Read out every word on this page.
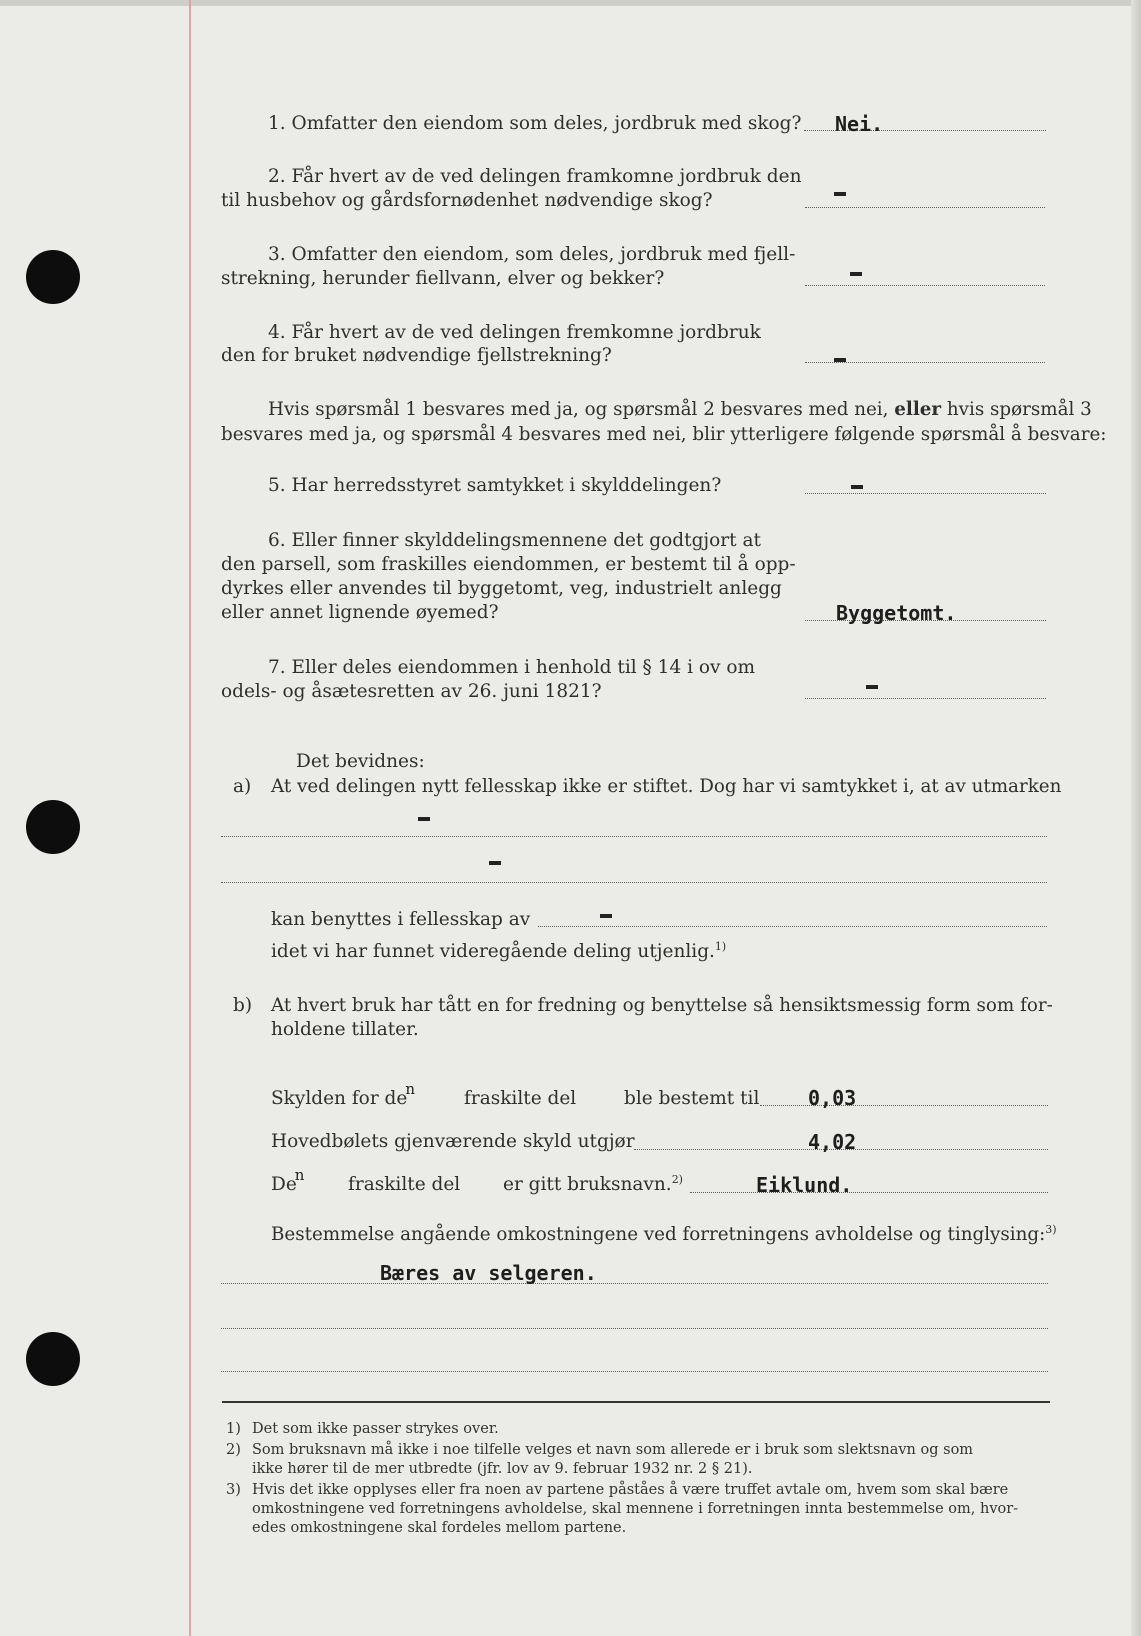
1. Omfatter den eiendom som deles, jordbruk med skog? Nei.
2. Får hvert av de ved delingen framkomne jordbruk den
til husbehov og gårdsfornødenhet nødvendige skog?
3. Omfatter den eiendom, som deles, jordbruk med fjell-
strekning, herunder fiellvann, elver og bekker?
4. Får hvert av de ved delingen fremkomne jordbruk
den for bruket nødvendige fjellstrekning?
Hvis spørsmål 1 besvares med ja, og spørsmål 2 besvares med nei, eller hvis spørsmål 3
besvares med ja, og spørsmål 4 besvares med nei, blir ytterligere følgende spørsmål å besvare:
5. Har herredsstyret samtykket i skylddelingen?
6. Eller finner skylddelingsmennene det godtgjort at
den parsell, som fraskilles eiendommen, er bestemt til å opp-
dyrkes eller anvendes til byggetomt, veg, industrielt anlegg
eller annet lignende øyemed?	Byggetomt.
7. Eller deles eiendommen i henhold til § 14 i ov om
odels- og åsætesretten av 26. juni 1821?
Det bevidnes:
a) At ved delingen nytt fellesskap ikke er stiftet. Dog har vi samtykket i, at av utmarken
kan benyttes i fellesskap av
idet vi har funnet videregående deling utjenlig.$^{1)}$
b) At hvert bruk har tått en for fredning og benyttelse så hensiktsmessig form som for-
holdene tillater.
Skylden for $de^n$	fraskilte del	ble bestemt til 0,03
Hovedbølets gjenværende skyld utgjør	4,02
De$^n$ fraskilte del er gitt bruksnavn.$^{2)}$	Eiklund.
Bestemmelse angående omkostningene ved forretningens avholdelse og tinglysing:$^{3)}$
Bæres av selgeren.
1) Det som ikke passer strykes over.
2) Som bruksnavn må ikke i noe tilfelle velges et navn som allerede er i bruk som slektsnavn og som
ikke hører til de mer utbredte (jfr. lov av 9. februar 1932 nr. 2 § 21).
3) Hvis det ikke opplyses eller fra noen av partene påståes å være truffet avtale om, hvem som skal bære
omkostningene ved forretningens avholdelse, skal mennene i forretningen innta bestemmelse om, hvor-
edes omkostningene skal fordeles mellom partene.
